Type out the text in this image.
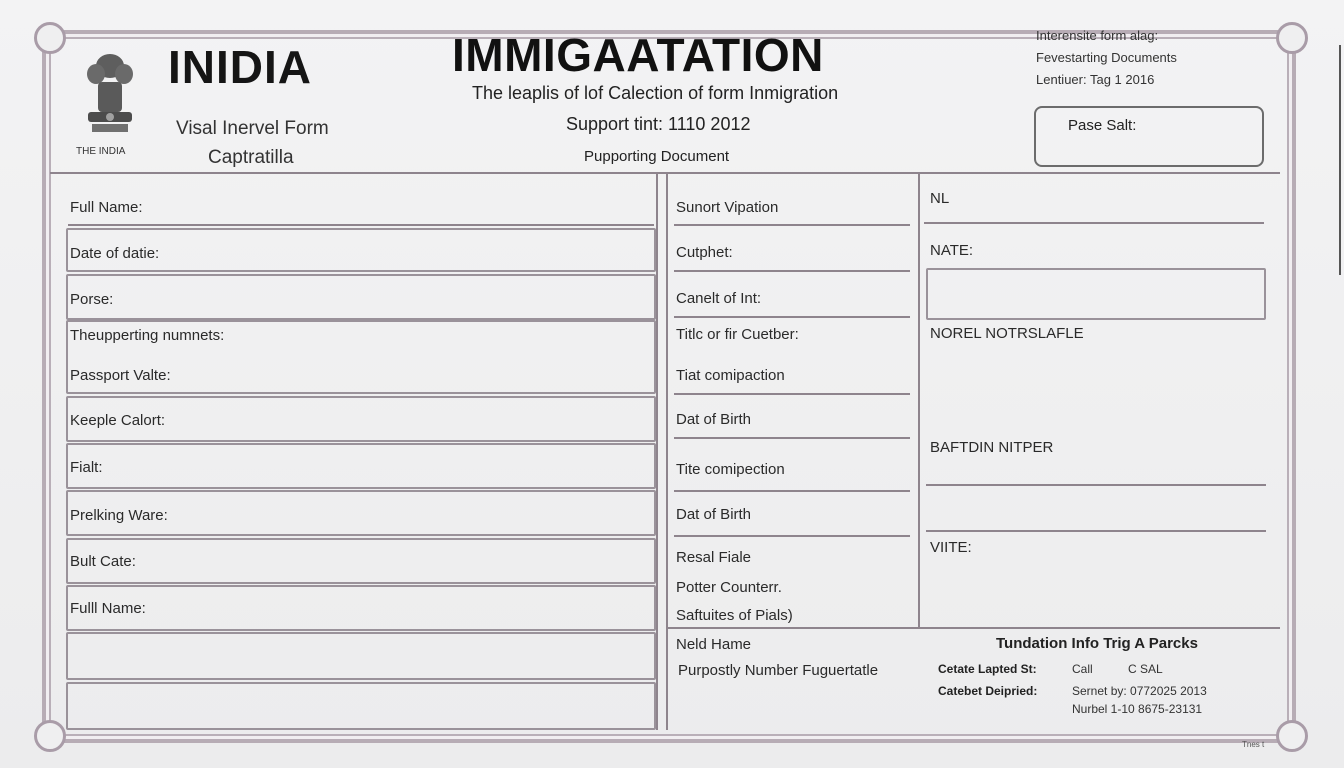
THE INDIA
INIDIA
Visal Inervel Form
Captratilla
IMMIGAATATION
The leaplis of lof Calection of form Inmigration
Support tint: 1110 2012
Pupporting Document
Interensite form alag:
Fevestarting Documents
Lentiuer: Tag 1 2016
Pase Salt:
Full Name:
Date of datie:
Porse:
Theupperting numnets:
Passport Valte:
Keeple Calort:
Fialt:
Prelking Ware:
Bult Cate:
Fulll Name:
Sunort Vipation
Cutphet:
Canelt of Int:
Titlc or fir Cuetber:
Tiat comipaction
Dat of Birth
Tite comipection
Dat of Birth
Resal Fiale
Potter Counterr.
Saftuites of Pials)
Neld Hame
Purpostly Number Fuguertatle
NL
NATE:
NOREL NOTRSLAFLE
BAFTDIN NITPER
VIITE:
Tundation Info Trig A Parcks
Cetate Lapted St:	Call	C SAL
Catebet Deipried:	Sernet by: 0772025 2013
Nurbel 1-10 8675-23131
Tnes t
